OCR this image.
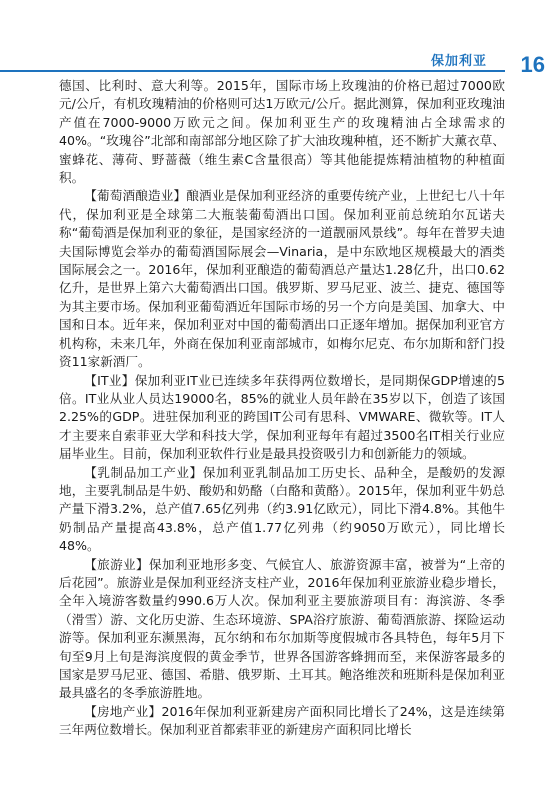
保加利亚 16

德国、比利时、意大利等。2015年，国际市场上玫瑰油的价格已超过7000欧元/公斤，有机玫瑰精油的价格则可达1万欧元/公斤。据此测算，保加利亚玫瑰油产值在7000-9000万欧元之间。保加利亚生产的玫瑰精油占全球需求的40%。“玫瑰谷”北部和南部部分地区除了扩大油玫瑰种植，还不断扩大薰衣草、蜜蜂花、薄荷、野蔷薇（维生素C含量很高）等其他能提炼精油植物的种植面积。

【葡萄酒酿造业】酿酒业是保加利亚经济的重要传统产业，上世纪七八十年代，保加利亚是全球第二大瓶装葡萄酒出口国。保加利亚前总统珀尔瓦诺夫称“葡萄酒是保加利亚的象征，是国家经济的一道靓丽风景线”。每年在普罗夫迪夫国际博览会举办的葡萄酒国际展会—Vinaria，是中东欧地区规模最大的酒类国际展会之一。2016年，保加利亚酿造的葡萄酒总产量达1.28亿升，出口0.62亿升，是世界上第六大葡萄酒出口国。俄罗斯、罗马尼亚、波兰、捷克、德国等为其主要市场。保加利亚葡萄酒近年国际市场的另一个方向是美国、加拿大、中国和日本。近年来，保加利亚对中国的葡萄酒出口正逐年增加。据保加利亚官方机构称，未来几年，外商在保加利亚南部城市，如梅尔尼克、布尔加斯和舒门投资11家新酒厂。

【IT业】保加利亚IT业已连续多年获得两位数增长，是同期保GDP增速的5倍。IT业从业人员达19000名，85%的就业人员年龄在35岁以下，创造了该国2.25%的GDP。进驻保加利亚的跨国IT公司有思科、VMWARE、微软等。IT人才主要来自索菲亚大学和科技大学，保加利亚每年有超过3500名IT相关行业应届毕业生。目前，保加利亚软件行业是最具投资吸引力和创新能力的领域。

【乳制品加工产业】保加利亚乳制品加工历史长、品种全，是酸奶的发源地，主要乳制品是牛奶、酸奶和奶酪（白酪和黄酪）。2015年，保加利亚牛奶总产量下滑3.2%，总产值7.65亿列弗（约3.91亿欧元），同比下滑4.8%。其他牛奶制品产量提高43.8%，总产值1.77亿列弗（约9050万欧元），同比增长48%。

【旅游业】保加利亚地形多变、气候宜人、旅游资源丰富，被誉为“上帝的后花园”。旅游业是保加利亚经济支柱产业，2016年保加利亚旅游业稳步增长，全年入境游客数量约990.6万人次。保加利亚主要旅游项目有：海滨游、冬季（滑雪）游、文化历史游、生态环境游、SPA浴疗旅游、葡萄酒旅游、探险运动游等。保加利亚东濒黑海，瓦尔纳和布尔加斯等度假城市各具特色，每年5月下旬至9月上旬是海滨度假的黄金季节，世界各国游客蜂拥而至，来保游客最多的国家是罗马尼亚、德国、希腊、俄罗斯、土耳其。鲍洛维茨和班斯科是保加利亚最具盛名的冬季旅游胜地。

【房地产业】2016年保加利亚新建房产面积同比增长了24%，这是连续第三年两位数增长。保加利亚首都索菲亚的新建房产面积同比增长
